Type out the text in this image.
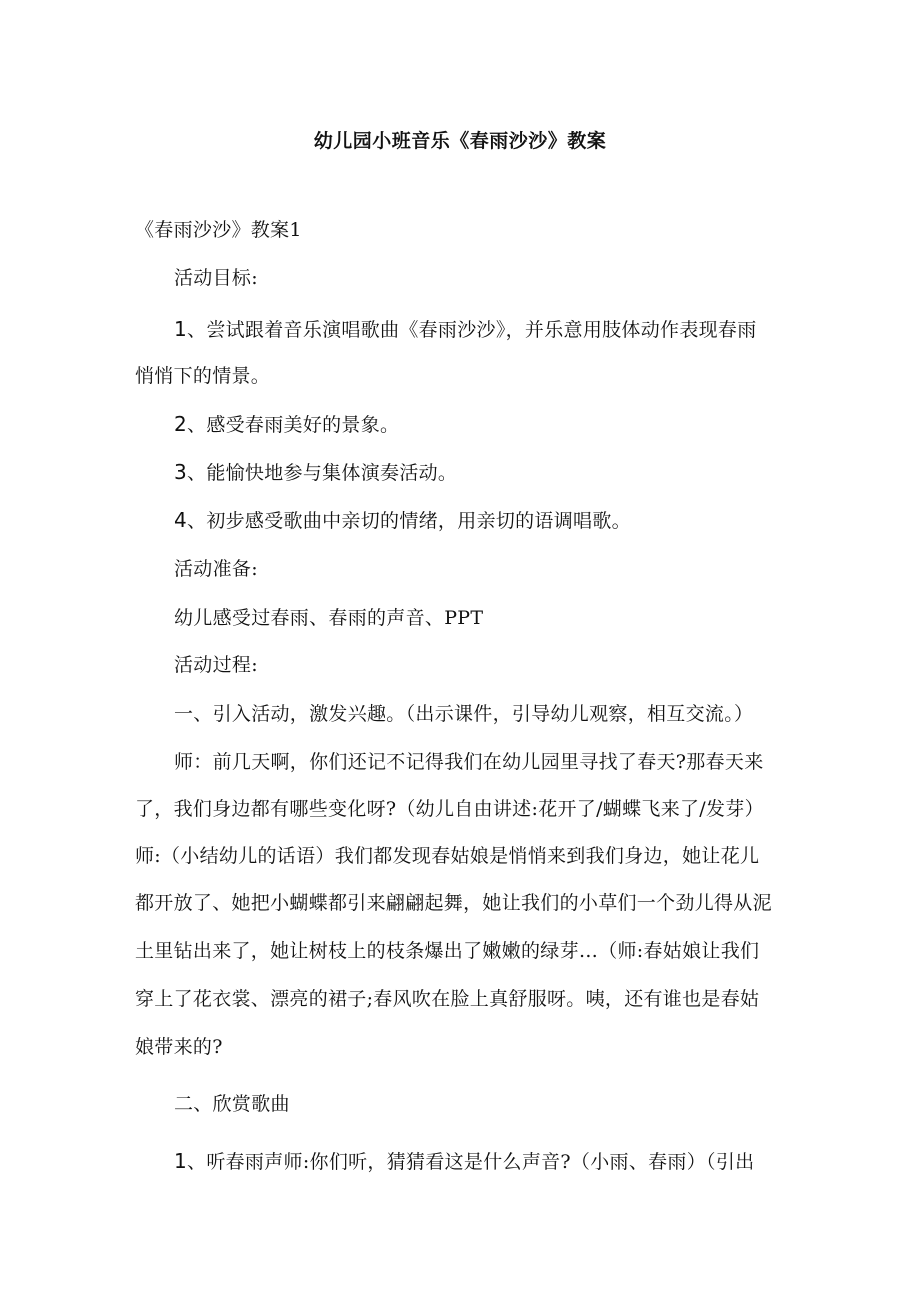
幼儿园小班音乐《春雨沙沙》教案
《春雨沙沙》教案1
活动目标:
1、尝试跟着音乐演唱歌曲《春雨沙沙》，并乐意用肢体动作表现春雨
悄悄下的情景。
2、感受春雨美好的景象。
3、能愉快地参与集体演奏活动。
4、初步感受歌曲中亲切的情绪，用亲切的语调唱歌。
活动准备:
幼儿感受过春雨、春雨的声音、PPT
活动过程:
一、引入活动，激发兴趣。（出示课件，引导幼儿观察，相互交流。）
师：前几天啊，你们还记不记得我们在幼儿园里寻找了春天?那春天来
了，我们身边都有哪些变化呀?（幼儿自由讲述:花开了/蝴蝶飞来了/发芽）
师:（小结幼儿的话语）我们都发现春姑娘是悄悄来到我们身边，她让花儿
都开放了、她把小蝴蝶都引来翩翩起舞，她让我们的小草们一个劲儿得从泥
土里钻出来了，她让树枝上的枝条爆出了嫩嫩的绿芽…（师:春姑娘让我们
穿上了花衣裳、漂亮的裙子;春风吹在脸上真舒服呀。咦，还有谁也是春姑
娘带来的?
二、欣赏歌曲
1、听春雨声师:你们听，猜猜看这是什么声音?（小雨、春雨）（引出
